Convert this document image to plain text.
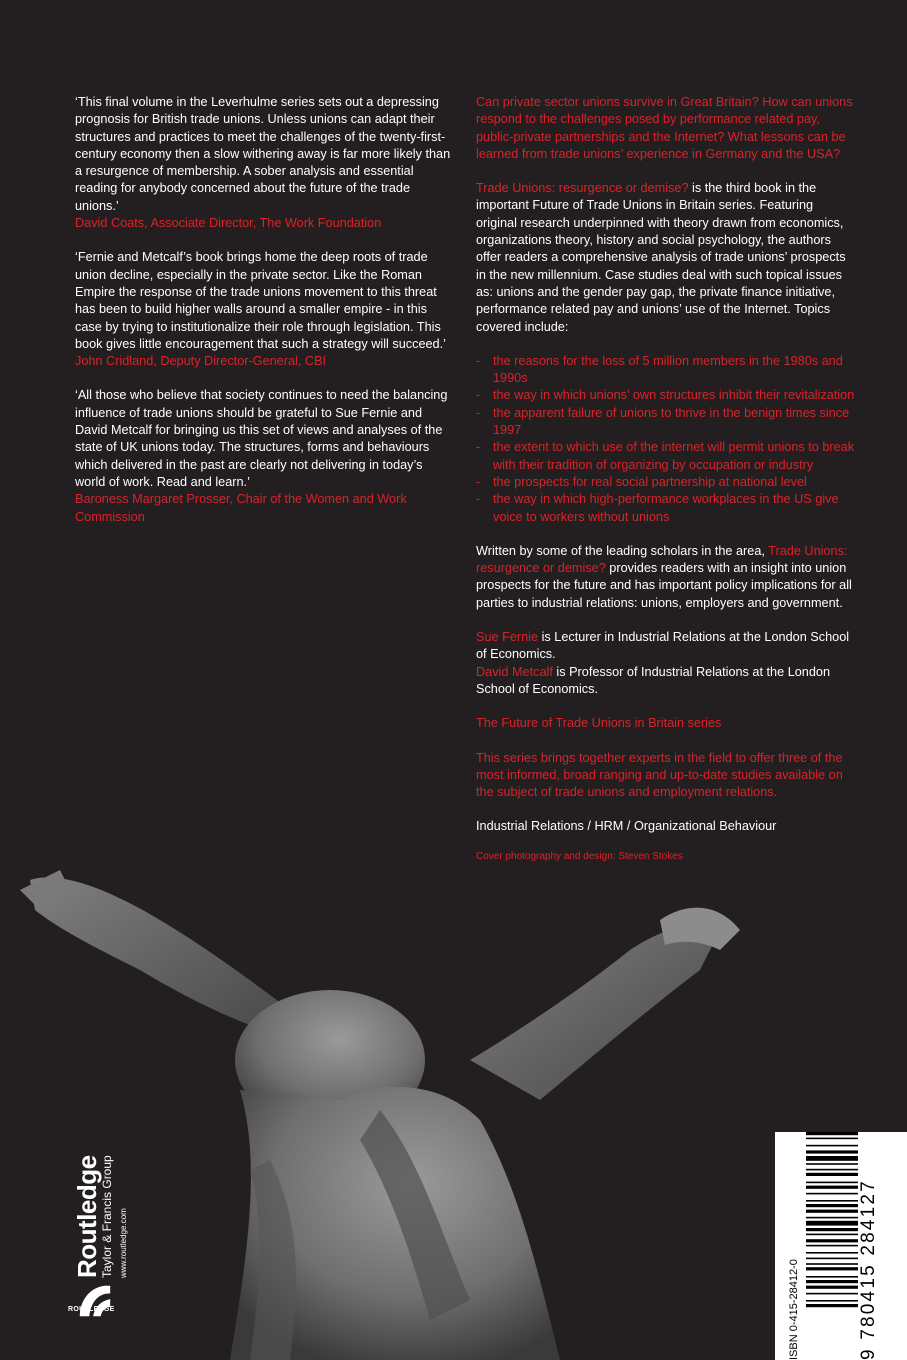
‘This final volume in the Leverhulme series sets out a depressing prognosis for British trade unions. Unless unions can adapt their structures and practices to meet the challenges of the twenty-first-century economy then a slow withering away is far more likely than a resurgence of membership. A sober analysis and essential reading for anybody concerned about the future of the trade unions.’

David Coats, Associate Director, The Work Foundation

‘Fernie and Metcalf’s book brings home the deep roots of trade union decline, especially in the private sector. Like the Roman Empire the response of the trade unions movement to this threat has been to build higher walls around a smaller empire - in this case by trying to institutionalize their role through legislation. This book gives little encouragement that such a strategy will succeed.’

John Cridland, Deputy Director-General, CBI

‘All those who believe that society continues to need the balancing influence of trade unions should be grateful to Sue Fernie and David Metcalf for bringing us this set of views and analyses of the state of UK unions today. The structures, forms and behaviours which delivered in the past are clearly not delivering in today’s world of work. Read and learn.’

Baroness Margaret Prosser, Chair of the Women and Work Commission

Can private sector unions survive in Great Britain? How can unions respond to the challenges posed by performance related pay, public-private partnerships and the Internet? What lessons can be learned from trade unions’ experience in Germany and the USA?

Trade Unions: resurgence or demise? is the third book in the important Future of Trade Unions in Britain series. Featuring original research underpinned with theory drawn from economics, organizations theory, history and social psychology, the authors offer readers a comprehensive analysis of trade unions’ prospects in the new millennium. Case studies deal with such topical issues as: unions and the gender pay gap, the private finance initiative, performance related pay and unions’ use of the Internet. Topics covered include:

- the reasons for the loss of 5 million members in the 1980s and 1990s
- the way in which unions’ own structures inhibit their revitalization
- the apparent failure of unions to thrive in the benign times since 1997
- the extent to which use of the internet will permit unions to break with their tradition of organizing by occupation or industry
- the prospects for real social partnership at national level
- the way in which high-performance workplaces in the US give voice to workers without unions

Written by some of the leading scholars in the area, Trade Unions: resurgence or demise? provides readers with an insight into union prospects for the future and has important policy implications for all parties to industrial relations: unions, employers and government.

Sue Fernie is Lecturer in Industrial Relations at the London School of Economics.

David Metcalf is Professor of Industrial Relations at the London School of Economics.

The Future of Trade Unions in Britain series

This series brings together experts in the field to offer three of the most informed, broad ranging and up-to-date studies available on the subject of trade unions and employment relations.

Industrial Relations / HRM / Organizational Behaviour

Cover photography and design: Steven Stokes

Routledge
Taylor & Francis Group www.routledge.com
ROUTLEDGE	ISBN 0-415-28412-0	9 780415 284127
